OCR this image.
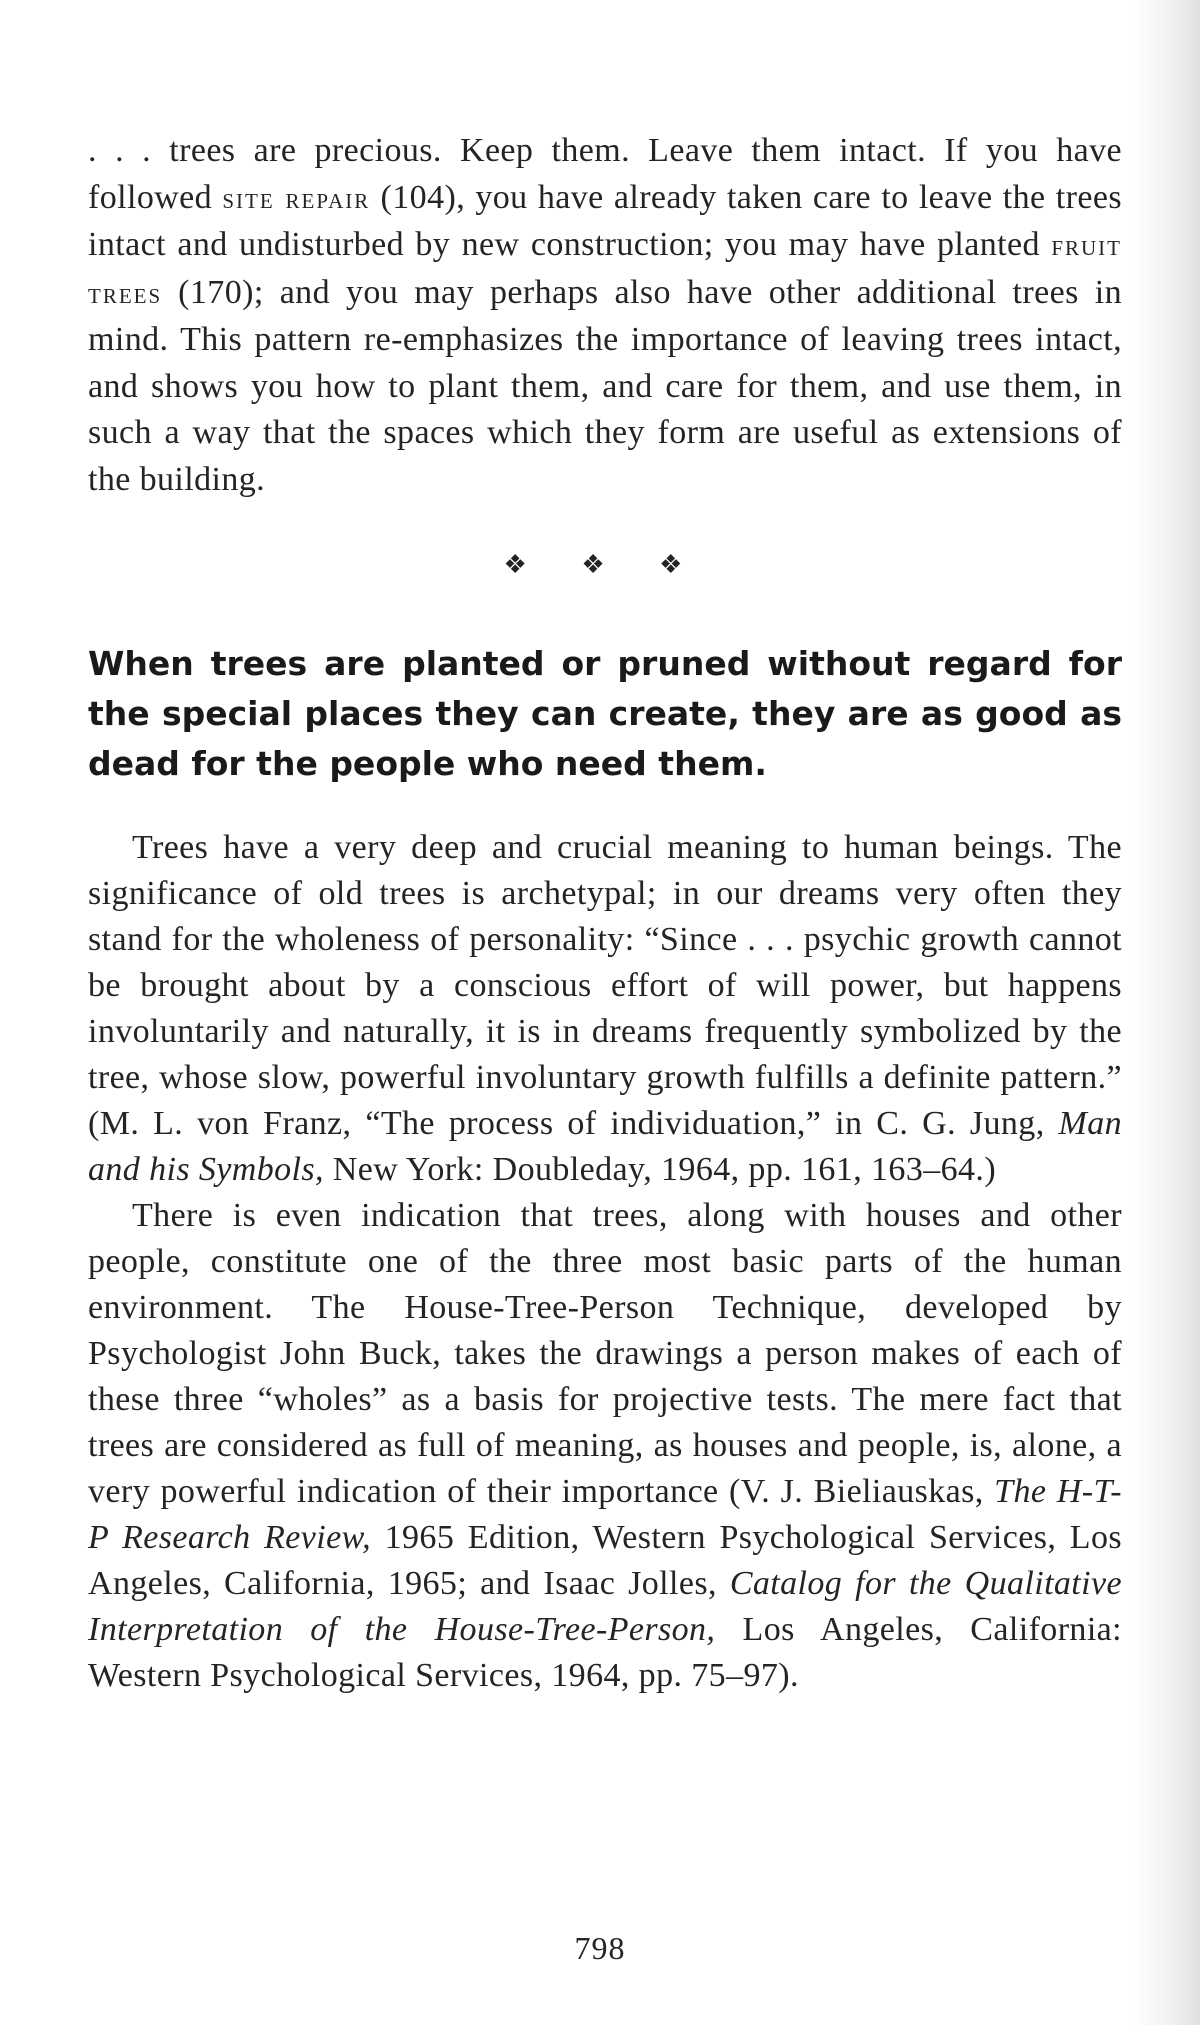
. . . trees are precious. Keep them. Leave them intact. If you have followed site repair (104), you have already taken care to leave the trees intact and undisturbed by new construction; you may have planted fruit trees (170); and you may perhaps also have other additional trees in mind. This pattern re-emphasizes the importance of leaving trees intact, and shows you how to plant them, and care for them, and use them, in such a way that the spaces which they form are useful as extensions of the building.

❖ ❖ ❖

When trees are planted or pruned without regard for the special places they can create, they are as good as dead for the people who need them.

Trees have a very deep and crucial meaning to human beings. The significance of old trees is archetypal; in our dreams very often they stand for the wholeness of personality: “Since . . . psychic growth cannot be brought about by a conscious effort of will power, but happens involuntarily and naturally, it is in dreams frequently symbolized by the tree, whose slow, powerful involuntary growth fulfills a definite pattern.” (M. L. von Franz, “The process of individuation,” in C. G. Jung, Man and his Symbols, New York: Doubleday, 1964, pp. 161, 163–64.)

There is even indication that trees, along with houses and other people, constitute one of the three most basic parts of the human environment. The House-Tree-Person Technique, developed by Psychologist John Buck, takes the drawings a person makes of each of these three “wholes” as a basis for projective tests. The mere fact that trees are considered as full of meaning, as houses and people, is, alone, a very powerful indication of their importance (V. J. Bieliauskas, The H-T-P Research Review, 1965 Edition, Western Psychological Services, Los Angeles, California, 1965; and Isaac Jolles, Catalog for the Qualitative Interpretation of the House-Tree-Person, Los Angeles, California: Western Psychological Services, 1964, pp. 75–97).

798
